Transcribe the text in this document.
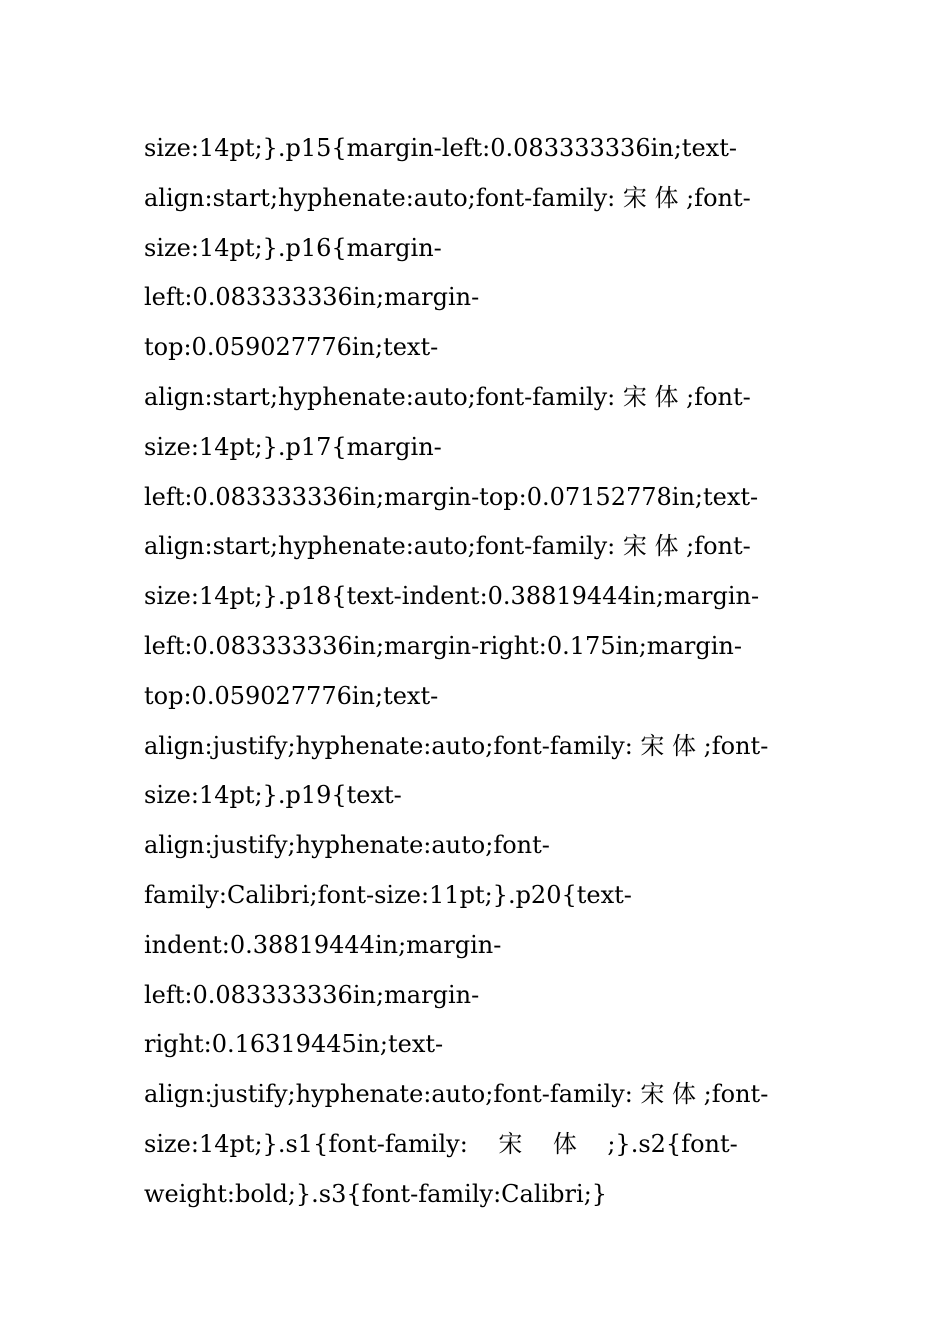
size:14pt;}.p15{margin-left:0.083333336in;text-
align:start;hyphenate:auto;font-family: 宋 体 ;font-
size:14pt;}.p16{margin-
left:0.083333336in;margin-
top:0.059027776in;text-
align:start;hyphenate:auto;font-family: 宋 体 ;font-
size:14pt;}.p17{margin-
left:0.083333336in;margin-top:0.07152778in;text-
align:start;hyphenate:auto;font-family: 宋 体 ;font-
size:14pt;}.p18{text-indent:0.38819444in;margin-
left:0.083333336in;margin-right:0.175in;margin-
top:0.059027776in;text-
align:justify;hyphenate:auto;font-family: 宋 体 ;font-
size:14pt;}.p19{text-
align:justify;hyphenate:auto;font-
family:Calibri;font-size:11pt;}.p20{text-
indent:0.38819444in;margin-
left:0.083333336in;margin-
right:0.16319445in;text-
align:justify;hyphenate:auto;font-family: 宋 体 ;font-
size:14pt;}.s1{font-family:    宋    体    ;}.s2{font-
weight:bold;}.s3{font-family:Calibri;}
